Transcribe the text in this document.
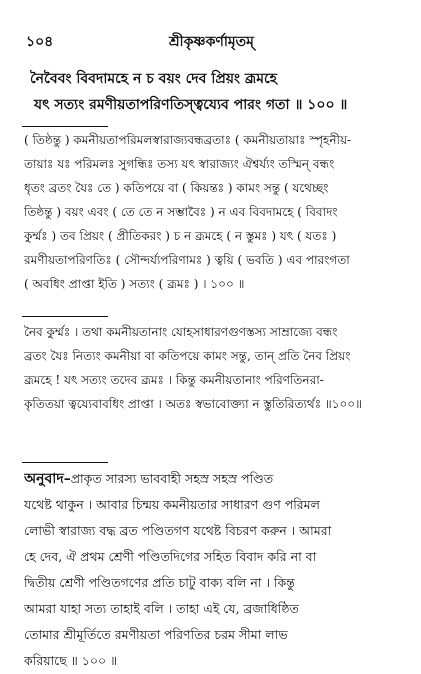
১০৪	শ্রীকৃষ্ণকর্ণামৃতম্‌
নৈবৈবং বিবদামহে ন চ বয়ং দেব প্রিয়ং ব্রূমহে
যৎ সত্যং রমণীয়তাপরিণতিস্ত্বয্যেব পারং গতা ॥ ১০০ ॥
( তিষ্ঠন্তু ) কমনীয়তাপরিমলস্বারাজ্যবন্ধব্রতাঃ ( কমনীয়তায়াঃ স্পৃহনীয়-
তায়াঃ যঃ পরিমলঃ সুগন্ধিঃ তস্য যৎ স্বারাজ্যং ঐশ্বর্য্যং তস্মিন্‌ বন্ধং
ধৃতং ব্রতং যৈঃ তে ) কতিপয়ে বা ( কিয়ন্তঃ ) কামং সন্তু ( যথেচ্ছং
তিষ্ঠন্তু ) বয়ং এবং ( তে তে ন সম্ভাবৈঃ ) ন এব বিবদামহে ( বিবাদং
কুর্ম্মঃ ) তব প্রিয়ং ( প্রীতিকরং ) চ ন ব্রূমহে ( ন স্তুমঃ ) যৎ ( যতঃ )
রমণীয়তাপরিণতিঃ ( সৌন্দর্য্যপরিণামঃ ) ত্বয়ি ( ভবতি ) এব পারংগতা
( অবধিং প্রাপ্তা ইতি ) সত্যং ( ব্রূমঃ ) । ১০০ ॥
নৈব কুর্ম্মঃ । তথা কমনীয়তানাং যোহসাধারণগুণস্তস্য সাম্রাজ্যে বন্ধং
ব্রতং যৈঃ নিত্যং কমনীয়া বা কতিপয়ে কামং সন্তু, তান্‌ প্রতি নৈব প্রিয়ং
ব্রূমহে ! যৎ সত্যং তদেব ব্রূমঃ । কিন্তু কমনীয়তানাং পরিণতিনরা-
কৃতিতয়া ত্বয্যেবাবধিং প্রাপ্তা । অতঃ স্বভাবোক্ত্যা ন স্তুতিরিত্যর্থঃ ॥১০০॥
অনুবাদ–প্রাকৃত সারস্য ভাববাহী সহস্র সহস্র পণ্ডিত
যথেষ্ট থাকুন । আবার চিন্ময় কমনীয়তার সাধারণ গুণ পরিমল
লোভী স্বারাজ্য বদ্ধ ব্রত পণ্ডিতগণ যথেষ্ট বিচরণ করুন । আমরা
হে দেব, ঐ প্রথম শ্রেণী পণ্ডিতদিগের সহিত বিবাদ করি না বা
দ্বিতীয় শ্রেণী পণ্ডিতগণের প্রতি চাটু বাক্য বলি না । কিন্তু
আমরা যাহা সত্য তাহাই বলি । তাহা এই যে, ব্রজাধিষ্ঠিত
তোমার শ্রীমূর্তিতে রমণীয়তা পরিণতির চরম সীমা লাভ
করিয়াছে ॥ ১০০ ॥
